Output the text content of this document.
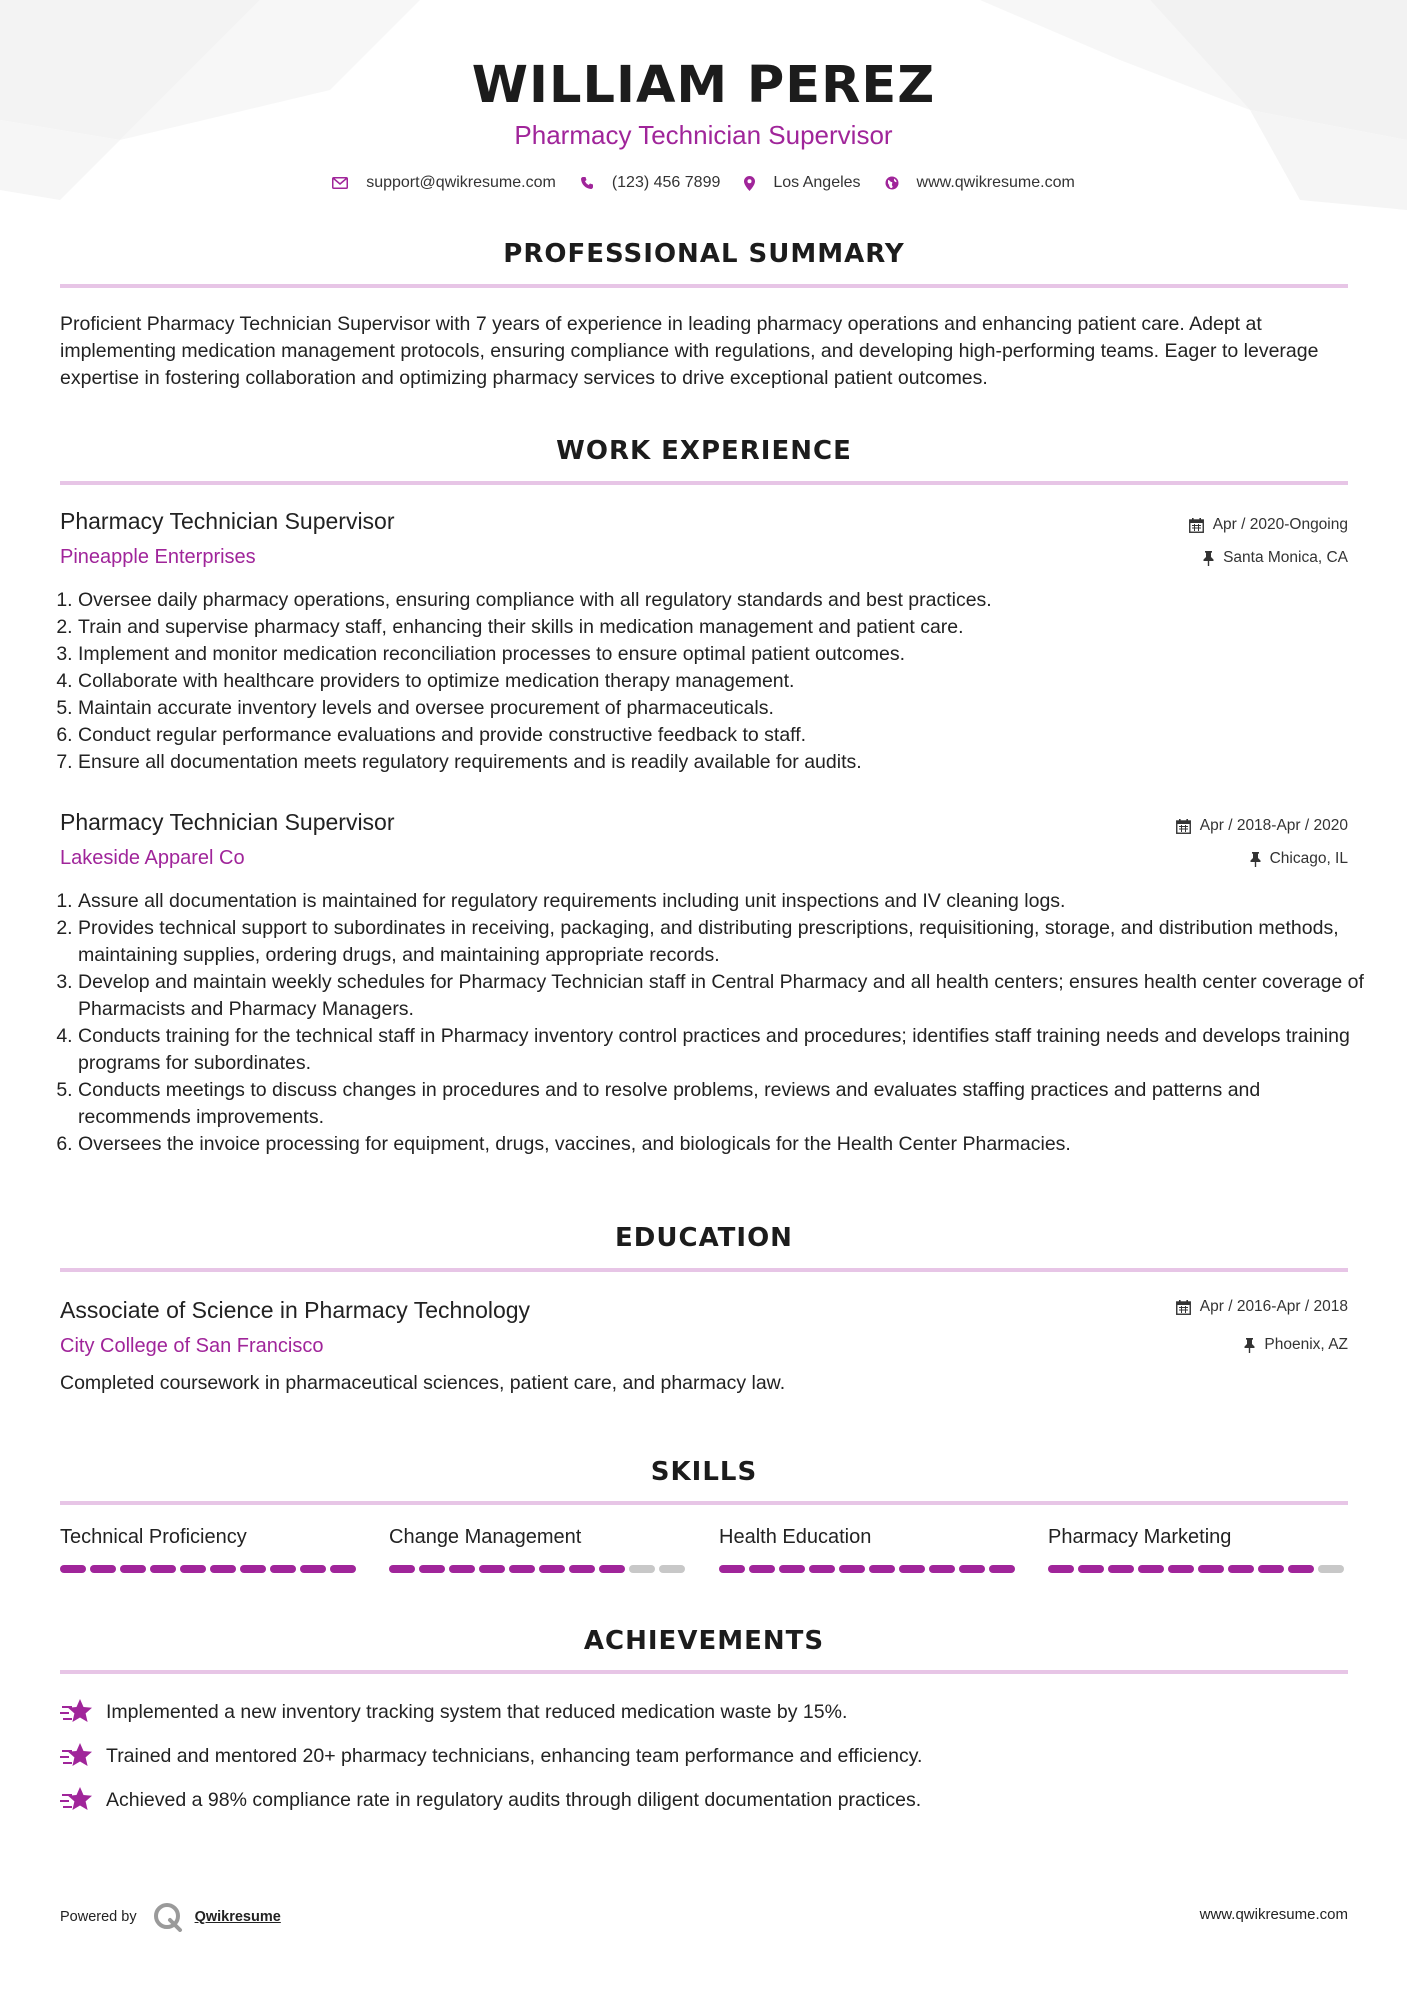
WILLIAM PEREZ
Pharmacy Technician Supervisor
support@qwikresume.com	(123) 456 7899	Los Angeles	www.qwikresume.com
PROFESSIONAL SUMMARY
Proficient Pharmacy Technician Supervisor with 7 years of experience in leading pharmacy operations and enhancing patient care. Adept at implementing medication management protocols, ensuring compliance with regulations, and developing high-performing teams. Eager to leverage expertise in fostering collaboration and optimizing pharmacy services to drive exceptional patient outcomes.
WORK EXPERIENCE
Pharmacy Technician Supervisor
Pineapple Enterprises
Apr / 2020-Ongoing
Santa Monica, CA
1. Oversee daily pharmacy operations, ensuring compliance with all regulatory standards and best practices.
2. Train and supervise pharmacy staff, enhancing their skills in medication management and patient care.
3. Implement and monitor medication reconciliation processes to ensure optimal patient outcomes.
4. Collaborate with healthcare providers to optimize medication therapy management.
5. Maintain accurate inventory levels and oversee procurement of pharmaceuticals.
6. Conduct regular performance evaluations and provide constructive feedback to staff.
7. Ensure all documentation meets regulatory requirements and is readily available for audits.
Pharmacy Technician Supervisor
Lakeside Apparel Co
Apr / 2018-Apr / 2020
Chicago, IL
1. Assure all documentation is maintained for regulatory requirements including unit inspections and IV cleaning logs.
2. Provides technical support to subordinates in receiving, packaging, and distributing prescriptions, requisitioning, storage, and distribution methods, maintaining supplies, ordering drugs, and maintaining appropriate records.
3. Develop and maintain weekly schedules for Pharmacy Technician staff in Central Pharmacy and all health centers; ensures health center coverage of Pharmacists and Pharmacy Managers.
4. Conducts training for the technical staff in Pharmacy inventory control practices and procedures; identifies staff training needs and develops training programs for subordinates.
5. Conducts meetings to discuss changes in procedures and to resolve problems, reviews and evaluates staffing practices and patterns and recommends improvements.
6. Oversees the invoice processing for equipment, drugs, vaccines, and biologicals for the Health Center Pharmacies.
EDUCATION
Associate of Science in Pharmacy Technology
City College of San Francisco
Apr / 2016-Apr / 2018
Phoenix, AZ
Completed coursework in pharmaceutical sciences, patient care, and pharmacy law.
SKILLS
Technical Proficiency	Change Management	Health Education	Pharmacy Marketing
ACHIEVEMENTS
Implemented a new inventory tracking system that reduced medication waste by 15%.
Trained and mentored 20+ pharmacy technicians, enhancing team performance and efficiency.
Achieved a 98% compliance rate in regulatory audits through diligent documentation practices.
Powered by	Qwikresume	www.qwikresume.com
